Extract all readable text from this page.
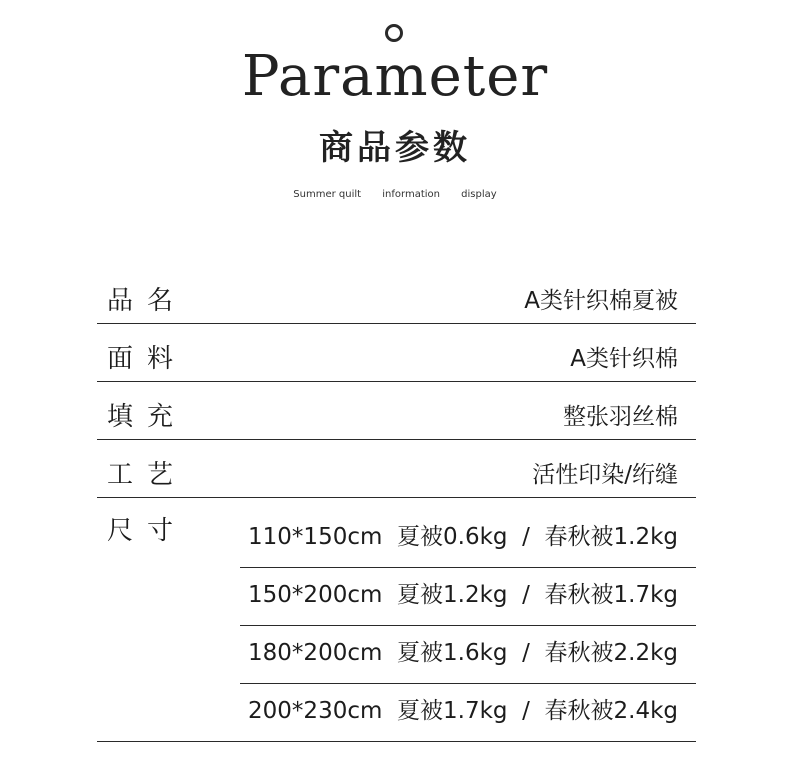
Parameter
商品参数
Summer quilt information display
品名	A类针织棉夏被
面料	A类针织棉
填充	整张羽丝棉
工艺	活性印染/绗缝
尺寸	110*150cm  夏被0.6kg  /  春秋被1.2kg
150*200cm  夏被1.2kg  /  春秋被1.7kg
180*200cm  夏被1.6kg  /  春秋被2.2kg
200*230cm  夏被1.7kg  /  春秋被2.4kg
